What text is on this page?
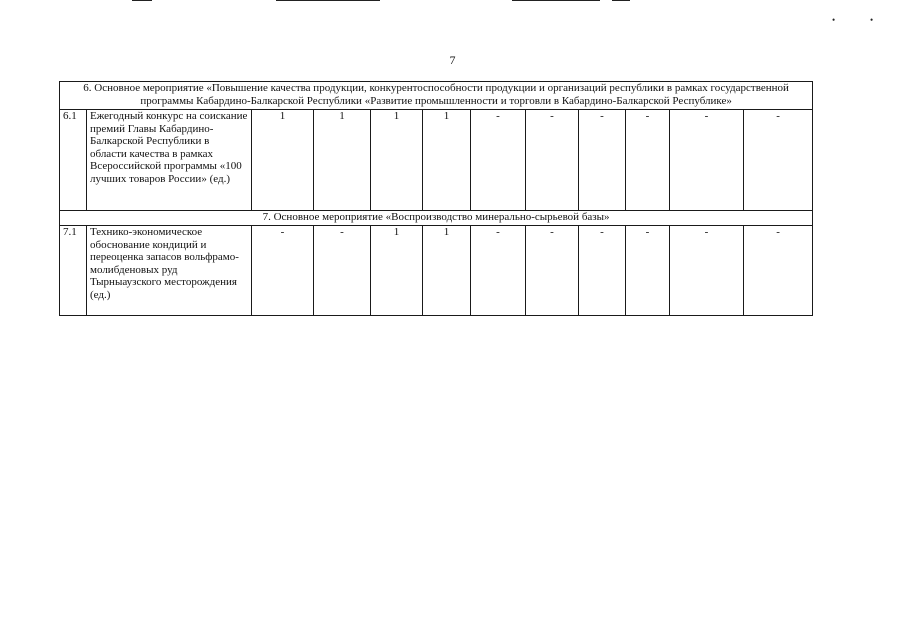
•	•
7
6. Основное мероприятие «Повышение качества продукции, конкурентоспособности продукции и организаций республики в рамках государственной программы Кабардино-Балкарской Республики «Развитие промышленности и торговли в Кабардино-Балкарской Республике»											
6.1	Ежегодный конкурс на соискание премий Главы Кабардино-Балкарской Республики в области качества в рамках Всероссийской программы «100 лучших товаров России» (ед.)	1	1	1	1	-	-	-	-	-	-
7. Основное мероприятие «Воспроизводство минерально-сырьевой базы»											
7.1	Технико-экономическое обоснование кондиций и переоценка запасов вольфрамо-молибденовых руд Тырныаузского месторождения (ед.)	-	-	1	1	-	-	-	-	-	-
